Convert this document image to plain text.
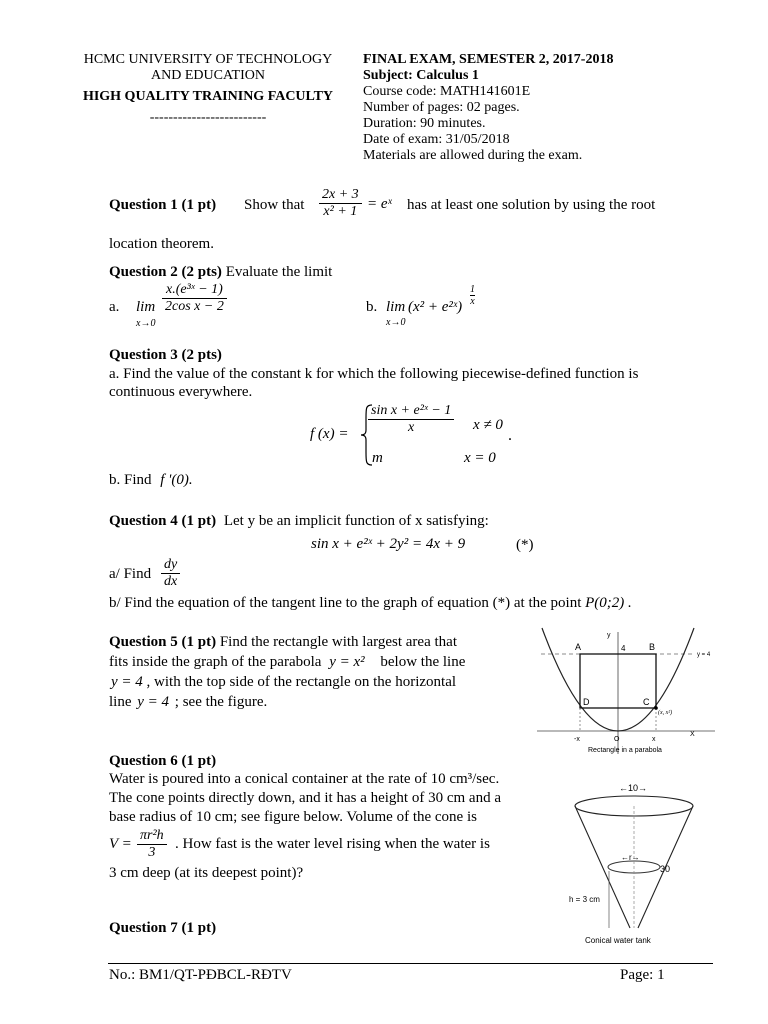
HCMC UNIVERSITY OF TECHNOLOGY
AND EDUCATION
HIGH QUALITY TRAINING FACULTY
-------------------------
FINAL EXAM, SEMESTER 2, 2017-2018
Subject: Calculus 1
Course code: MATH141601E
Number of pages: 02 pages.
Duration: 90 minutes.
Date of exam: 31/05/2018
Materials are allowed during the exam.
Question 1 (1 pt) Show that $\frac{2x + 3}{\text{x² + 1}}$ = eˣ has at least one solution by using the root
location theorem.
Question 2 (2 pts) Evaluate the limit
a. lim
x→0
$\frac{\text{x.(e³ˣ − 1)}}{\text{2cos x − 2}}$	b. lim
x→0
(x² + e²ˣ) $\frac{1}{x}$
Question 3 (2 pts)
a. Find the value of the constant k for which the following piecewise-defined function is
continuous everywhere.
f $(x) = \frac{\text{sin x + e²ˣ − 1}}{x}$ x ≠ 0
m	x = 0
.
b. Find f '(0).
Question 4 (1 pt) Let y be an implicit function of x satisfying:
sin x + e²ˣ + 2y² = 4x + 9	(*)
a/ Find $\frac{dy}{dx}$
b/ Find the equation of the tangent line to the graph of equation (*) at the point P(0;2) .
Question 5 (1 pt) Find the rectangle with largest area that
fits inside the graph of the parabola y = x² below the line
y = 4 , with the top side of the rectangle on the horizontal
line y = 4 ; see the figure.
y
A	B
4
y = 4
D	C
(x, x²)
-x	O	x
X
Rectangle in a parabola
Question 6 (1 pt)
Water is poured into a conical container at the rate of 10 cm³/sec.
The cone points directly down, and it has a height of 30 cm and a
base radius of 10 cm; see figure below. Volume of the cone is
$V = \frac{\text{πr²h}}{3}$ . How fast is the water level rising when the water is
3 cm deep (at its deepest point)?
←10→
←r→
30
h = 3 cm
Conical water tank
Question 7 (1 pt)
No.: BM1/QT-PĐBCL-RĐTV	Page: 1
